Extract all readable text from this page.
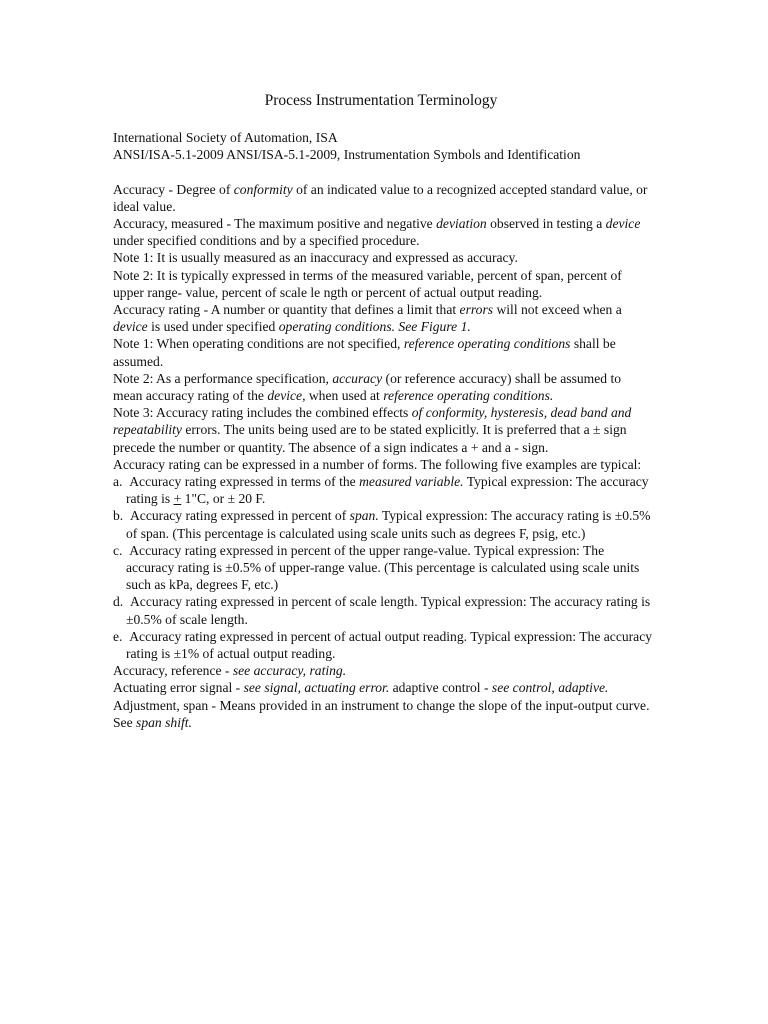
Process Instrumentation Terminology

International Society of Automation, ISA

ANSI/ISA-5.1-2009 ANSI/ISA-5.1-2009, Instrumentation Symbols and Identification

Accuracy - Degree of conformity of an indicated value to a recognized accepted standard value, or ideal value.

Accuracy, measured - The maximum positive and negative deviation observed in testing a device under specified conditions and by a specified procedure.

Note 1: It is usually measured as an inaccuracy and expressed as accuracy.

Note 2: It is typically expressed in terms of the measured variable, percent of span, percent of upper range- value, percent of scale le ngth or percent of actual output reading.

Accuracy rating - A number or quantity that defines a limit that errors will not exceed when a device is used under specified operating conditions. See Figure 1.

Note 1: When operating conditions are not specified, reference operating conditions shall be assumed.

Note 2: As a performance specification, accuracy (or reference accuracy) shall be assumed to mean accuracy rating of the device, when used at reference operating conditions.

Note 3: Accuracy rating includes the combined effects of conformity, hysteresis, dead band and repeatability errors. The units being used are to be stated explicitly. It is preferred that a ± sign precede the number or quantity. The absence of a sign indicates a + and a - sign.

Accuracy rating can be expressed in a number of forms. The following five examples are typical:

a.  Accuracy rating expressed in terms of the measured variable. Typical expression: The accuracy rating is + 1"C, or ± 20 F.

b.  Accuracy rating expressed in percent of span. Typical expression: The accuracy rating is ±0.5% of span. (This percentage is calculated using scale units such as degrees F, psig, etc.)

c.  Accuracy rating expressed in percent of the upper range-value. Typical expression: The accuracy rating is ±0.5% of upper-range value. (This percentage is calculated using scale units such as kPa, degrees F, etc.)

d.  Accuracy rating expressed in percent of scale length. Typical expression: The accuracy rating is ±0.5% of scale length.

e.  Accuracy rating expressed in percent of actual output reading. Typical expression: The accuracy rating is ±1% of actual output reading.

Accuracy, reference - see accuracy, rating.

Actuating error signal - see signal, actuating error. adaptive control - see control, adaptive.

Adjustment, span - Means provided in an instrument to change the slope of the input-output curve. See span shift.
